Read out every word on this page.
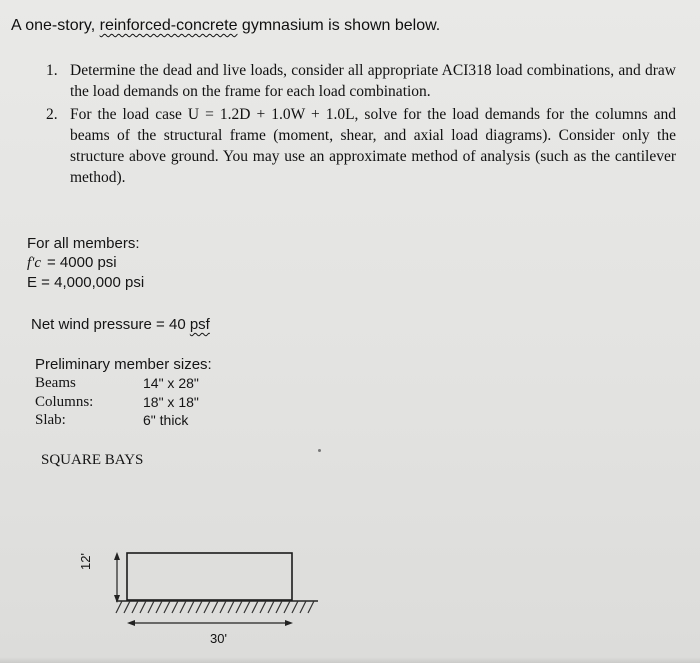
A one-story, reinforced-concrete gymnasium is shown below.
1. Determine the dead and live loads, consider all appropriate ACI318 load combinations, and draw the load demands on the frame for each load combination.
2. For the load case U = 1.2D + 1.0W + 1.0L, solve for the load demands for the columns and beams of the structural frame (moment, shear, and axial load diagrams). Consider only the structure above ground. You may use an approximate method of analysis (such as the cantilever method).
For all members:
f'c = 4000 psi
E = 4,000,000 psi
Net wind pressure = 40 psf
Preliminary member sizes:
Beams	14" x 28"
Columns:	18" x 18"
Slab:	6" thick
SQUARE BAYS
30'
12'
